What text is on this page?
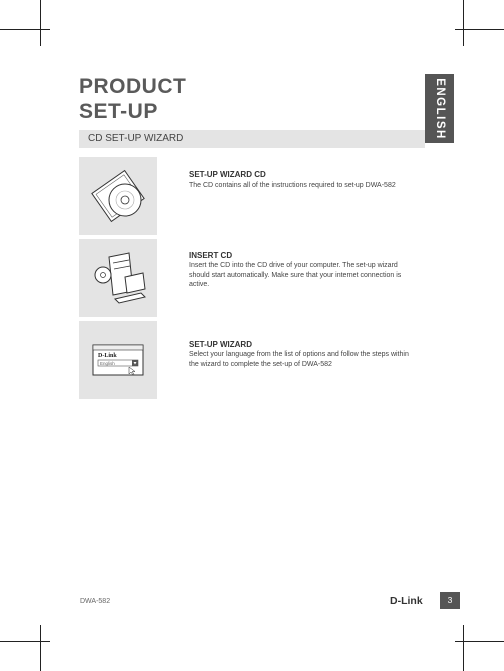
PRODUCT
SET-UP	ENGLISH
CD SET-UP WIZARD
SET-UP WIZARD CD
The CD contains all of the instructions required to set-up DWA-582
INSERT CD
Insert the CD into the CD drive of your computer. The set-up wizard should start automatically. Make sure that your internet connection is active.
D-Link
English
SET-UP WIZARD
Select your language from the list of options and follow the steps within the wizard to complete the set-up of DWA-582
DWA-582	D-Link	3
